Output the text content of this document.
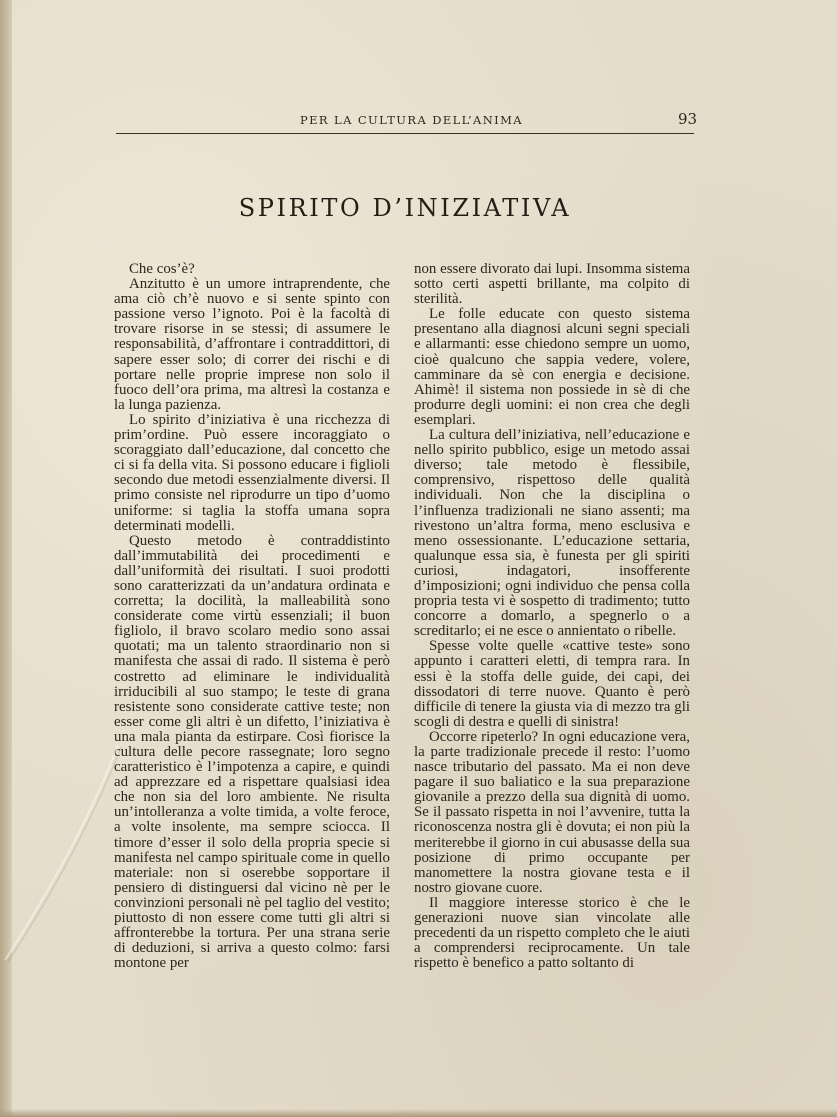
PER LA CULTURA DELL’ANIMA	93
SPIRITO D’INIZIATIVA

Che cos’è?

Anzitutto è un umore intraprendente, che ama ciò ch’è nuovo e si sente spinto con passione verso l’ignoto. Poi è la facoltà di trovare risorse in se stessi; di assumere le responsabilità, d’affrontare i contraddittori, di sapere esser solo; di correr dei rischi e di portare nelle proprie imprese non solo il fuoco dell’ora prima, ma altresì la costanza e la lunga pazienza.

Lo spirito d’iniziativa è una ricchezza di prim’ordine. Può essere incoraggiato o scoraggiato dall’educazione, dal concetto che ci si fa della vita. Si possono educare i figlioli secondo due metodi essenzialmente diversi. Il primo consiste nel riprodurre un tipo d’uomo uniforme: si taglia la stoffa umana sopra determinati modelli.

Questo metodo è contraddistinto dall’immutabilità dei procedimenti e dall’uniformità dei risultati. I suoi prodotti sono caratterizzati da un’andatura ordinata e corretta; la docilità, la malleabilità sono considerate come virtù essenziali; il buon figliolo, il bravo scolaro medio sono assai quotati; ma un talento straordinario non si manifesta che assai di rado. Il sistema è però costretto ad eliminare le individualità irriducibili al suo stampo; le teste di grana resistente sono considerate cattive teste; non esser come gli altri è un difetto, l’iniziativa è una mala pianta da estirpare. Così fiorisce la cultura delle pecore rassegnate; loro segno caratteristico è l’impotenza a capire, e quindi ad apprezzare ed a rispettare qualsiasi idea che non sia del loro ambiente. Ne risulta un’intolleranza a volte timida, a volte feroce, a volte insolente, ma sempre sciocca. Il timore d’esser il solo della propria specie si manifesta nel campo spirituale come in quello materiale: non si oserebbe sopportare il pensiero di distinguersi dal vicino nè per le convinzioni personali nè pel taglio del vestito; piuttosto di non essere come tutti gli altri si affronterebbe la tortura. Per una strana serie di deduzioni, si arriva a questo colmo: farsi montone per

non essere divorato dai lupi. Insomma sistema sotto certi aspetti brillante, ma colpito di sterilità.

Le folle educate con questo sistema presentano alla diagnosi alcuni segni speciali e allarmanti: esse chiedono sempre un uomo, cioè qualcuno che sappia vedere, volere, camminare da sè con energia e decisione. Ahimè! il sistema non possiede in sè di che produrre degli uomini: ei non crea che degli esemplari.

La cultura dell’iniziativa, nell’educazione e nello spirito pubblico, esige un metodo assai diverso; tale metodo è flessibile, comprensivo, rispettoso delle qualità individuali. Non che la disciplina o l’influenza tradizionali ne siano assenti; ma rivestono un’altra forma, meno esclusiva e meno ossessionante. L’educazione settaria, qualunque essa sia, è funesta per gli spiriti curiosi, indagatori, insofferente d’imposizioni; ogni individuo che pensa colla propria testa vi è sospetto di tradimento; tutto concorre a domarlo, a spegnerlo o a screditarlo; ei ne esce o annientato o ribelle.

Spesse volte quelle «cattive teste» sono appunto i caratteri eletti, di tempra rara. In essi è la stoffa delle guide, dei capi, dei dissodatori di terre nuove. Quanto è però difficile di tenere la giusta via di mezzo tra gli scogli di destra e quelli di sinistra!

Occorre ripeterlo? In ogni educazione vera, la parte tradizionale precede il resto: l’uomo nasce tributario del passato. Ma ei non deve pagare il suo baliatico e la sua preparazione giovanile a prezzo della sua dignità di uomo. Se il passato rispetta in noi l’avvenire, tutta la riconoscenza nostra gli è dovuta; ei non più la meriterebbe il giorno in cui abusasse della sua posizione di primo occupante per manomettere la nostra giovane testa e il nostro giovane cuore.

Il maggiore interesse storico è che le generazioni nuove sian vincolate alle precedenti da un rispetto completo che le aiuti a comprendersi reciprocamente. Un tale rispetto è benefico a patto soltanto di
